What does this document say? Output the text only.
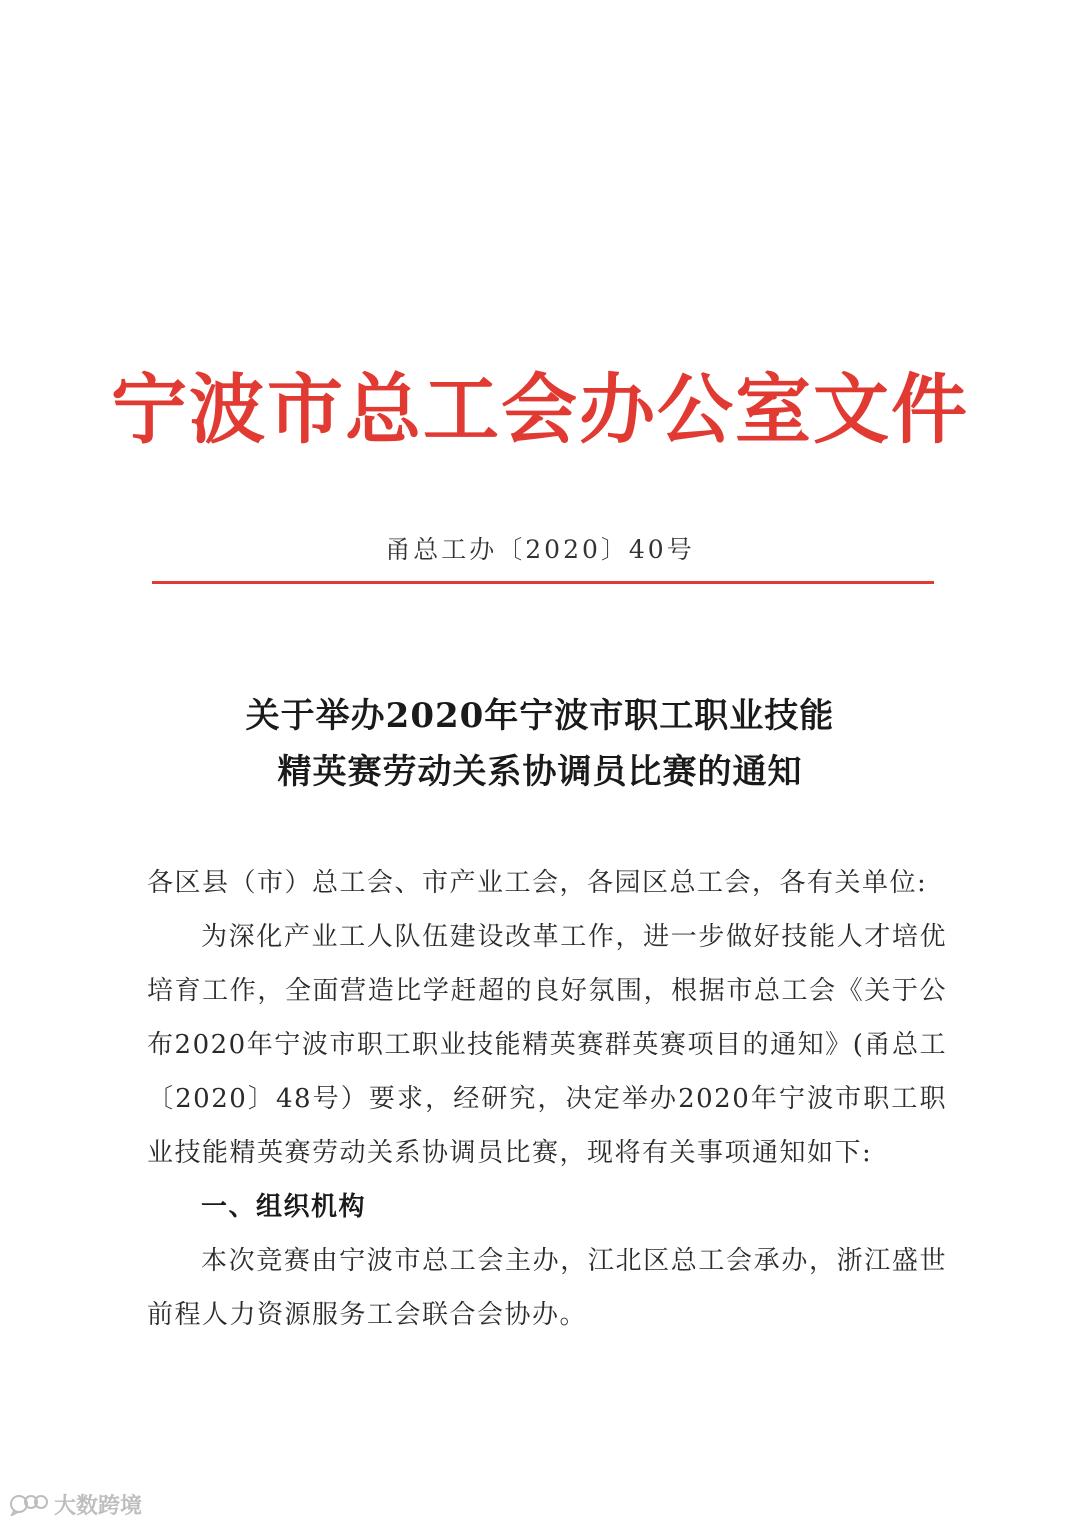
宁波市总工会办公室文件
甬总工办〔2020〕40号
关于举办2020年宁波市职工职业技能
精英赛劳动关系协调员比赛的通知

各区县（市）总工会、市产业工会，各园区总工会，各有关单位:

为深化产业工人队伍建设改革工作，进一步做好技能人才培优培育工作，全面营造比学赶超的良好氛围，根据市总工会《关于公布2020年宁波市职工职业技能精英赛群英赛项目的通知》(甬总工〔2020〕48号）要求，经研究，决定举办2020年宁波市职工职业技能精英赛劳动关系协调员比赛，现将有关事项通知如下:

一、组织机构

本次竞赛由宁波市总工会主办，江北区总工会承办，浙江盛世前程人力资源服务工会联合会协办。

大数跨境
